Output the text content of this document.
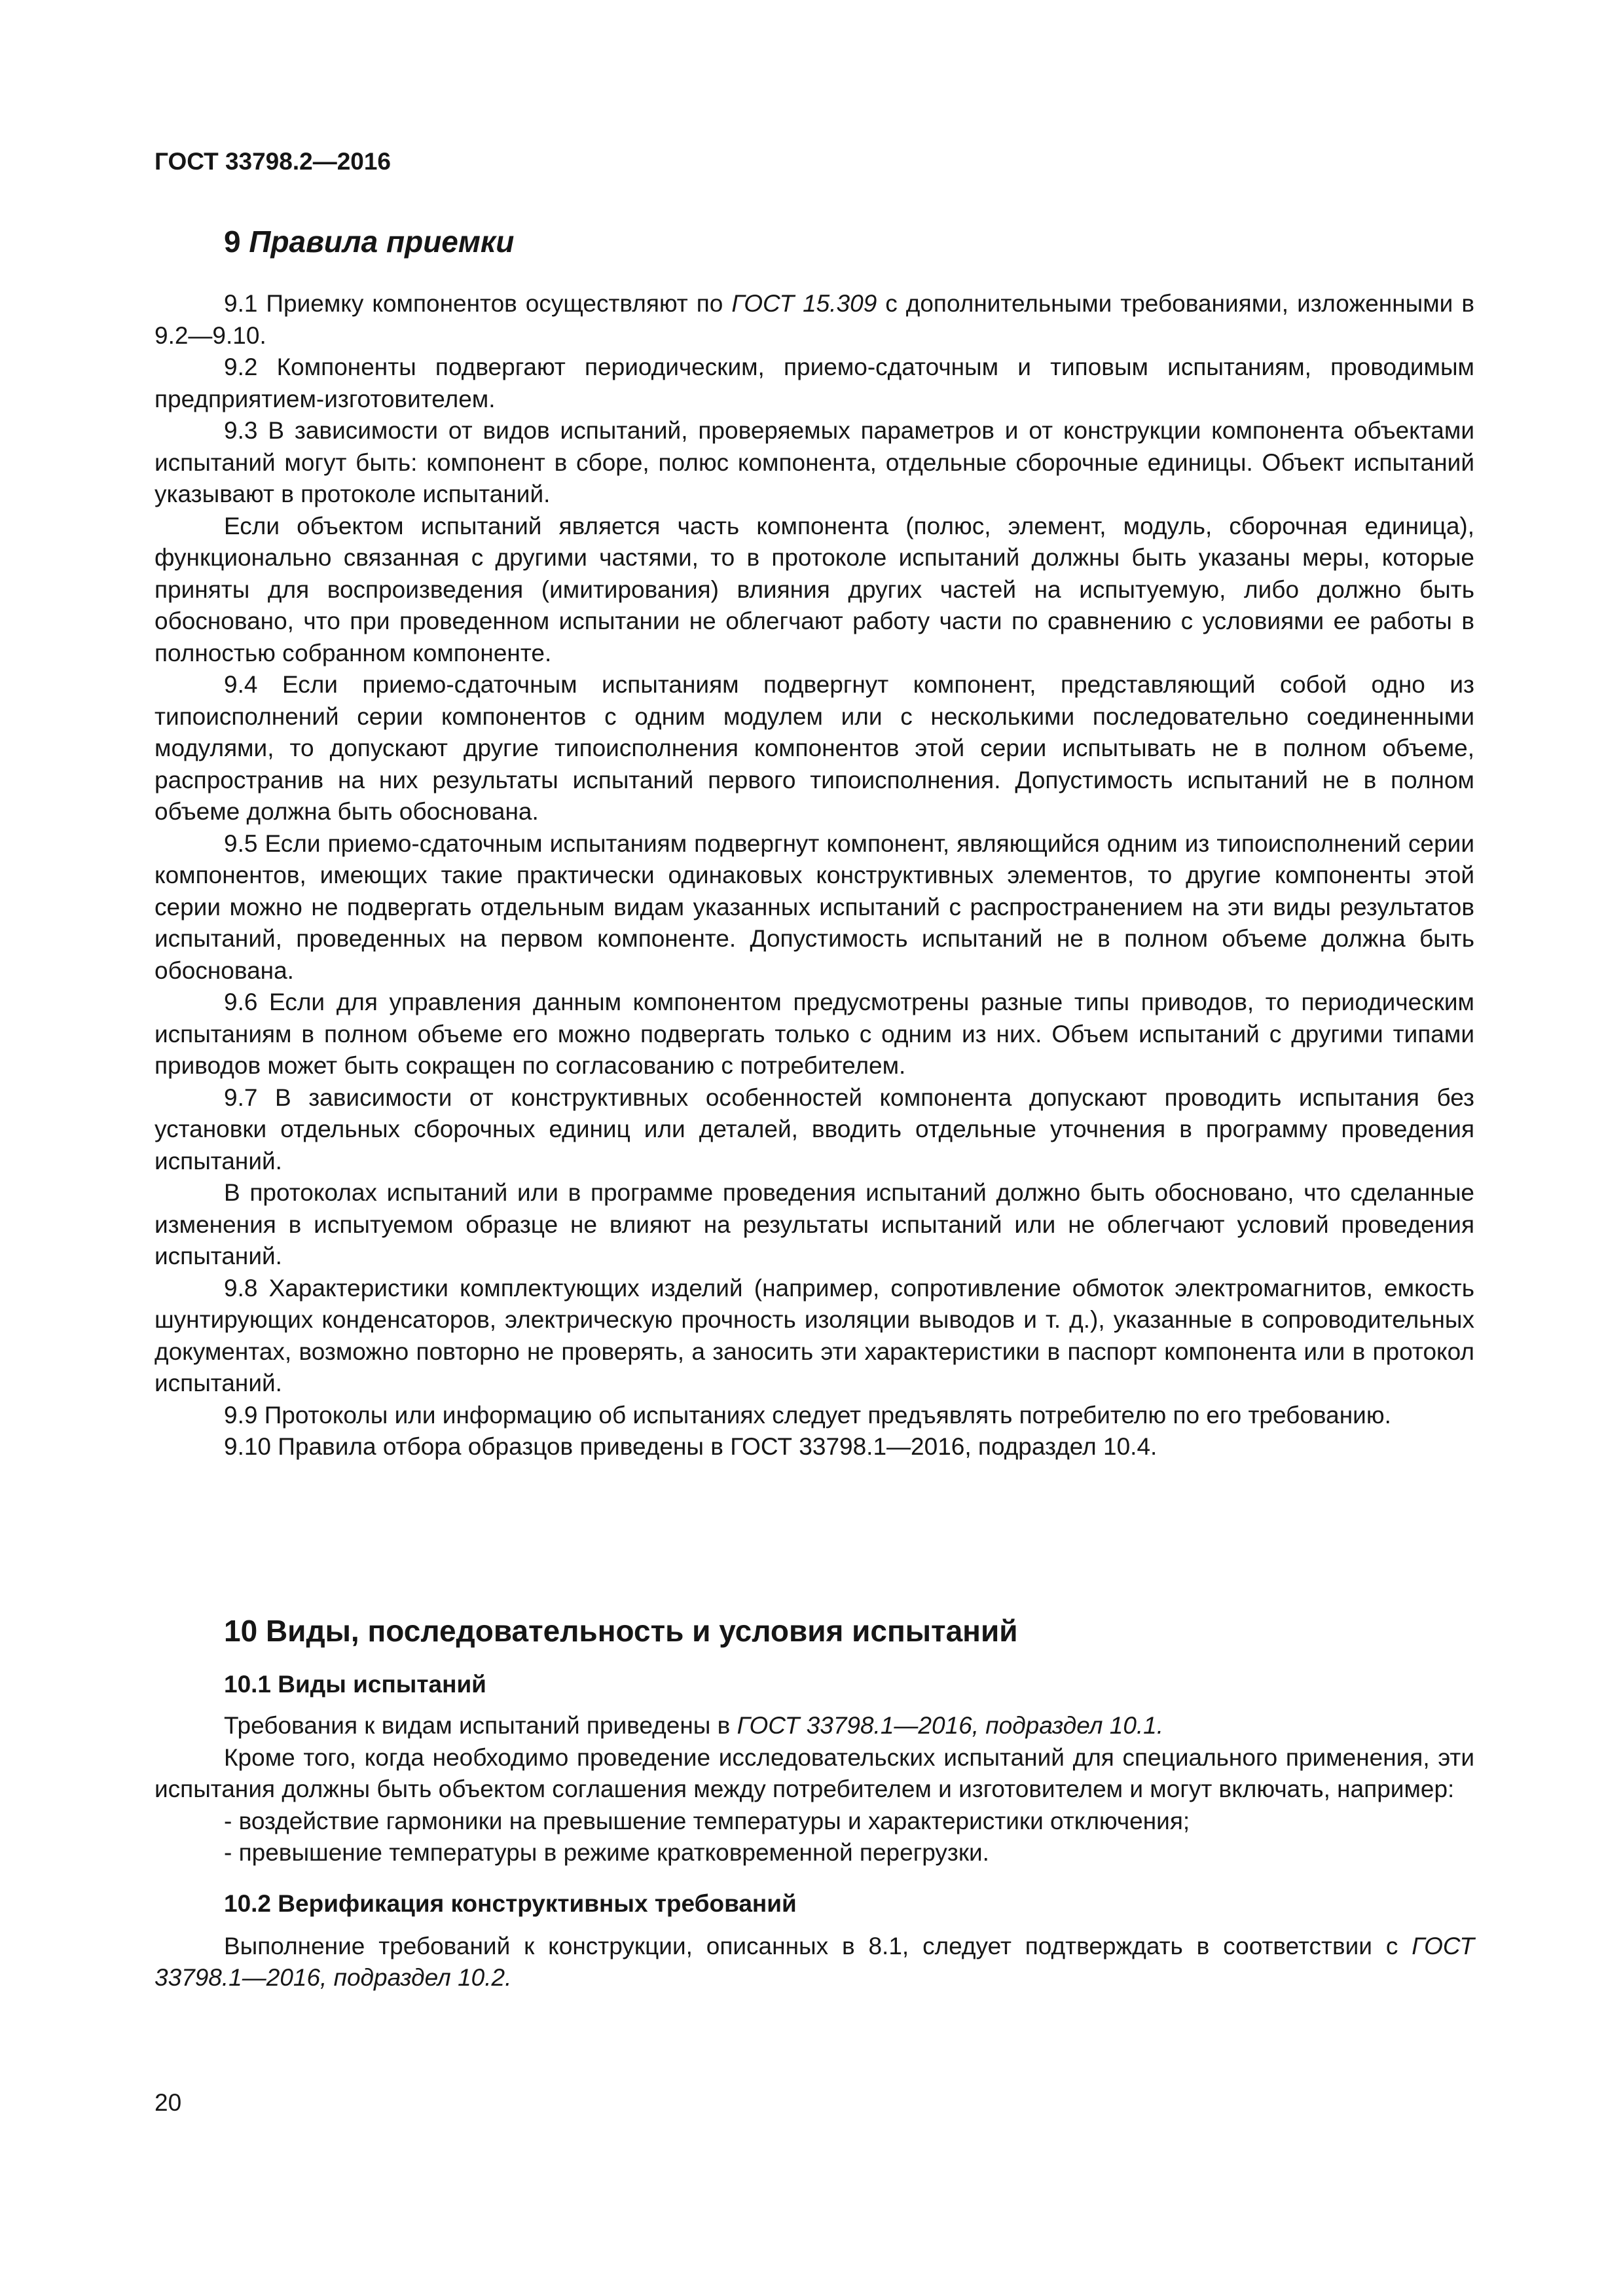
ГОСТ 33798.2—2016
9 Правила приемки

9.1 Приемку компонентов осуществляют по ГОСТ 15.309 с дополнительными требованиями, изложенными в 9.2—9.10.

9.2 Компоненты подвергают периодическим, приемо-сдаточным и типовым испытаниям, проводимым предприятием-изготовителем.

9.3 В зависимости от видов испытаний, проверяемых параметров и от конструкции компонента объектами испытаний могут быть: компонент в сборе, полюс компонента, отдельные сборочные единицы. Объект испытаний указывают в протоколе испытаний.

Если объектом испытаний является часть компонента (полюс, элемент, модуль, сборочная единица), функционально связанная с другими частями, то в протоколе испытаний должны быть указаны меры, которые приняты для воспроизведения (имитирования) влияния других частей на испытуемую, либо должно быть обосновано, что при проведенном испытании не облегчают работу части по сравнению с условиями ее работы в полностью собранном компоненте.

9.4 Если приемо-сдаточным испытаниям подвергнут компонент, представляющий собой одно из типоисполнений серии компонентов с одним модулем или с несколькими последовательно соединенными модулями, то допускают другие типоисполнения компонентов этой серии испытывать не в полном объеме, распространив на них результаты испытаний первого типоисполнения. Допустимость испытаний не в полном объеме должна быть обоснована.

9.5 Если приемо-сдаточным испытаниям подвергнут компонент, являющийся одним из типоисполнений серии компонентов, имеющих такие практически одинаковых конструктивных элементов, то другие компоненты этой серии можно не подвергать отдельным видам указанных испытаний с распространением на эти виды результатов испытаний, проведенных на первом компоненте. Допустимость испытаний не в полном объеме должна быть обоснована.

9.6 Если для управления данным компонентом предусмотрены разные типы приводов, то периодическим испытаниям в полном объеме его можно подвергать только с одним из них. Объем испытаний с другими типами приводов может быть сокращен по согласованию с потребителем.

9.7 В зависимости от конструктивных особенностей компонента допускают проводить испытания без установки отдельных сборочных единиц или деталей, вводить отдельные уточнения в программу проведения испытаний.

В протоколах испытаний или в программе проведения испытаний должно быть обосновано, что сделанные изменения в испытуемом образце не влияют на результаты испытаний или не облегчают условий проведения испытаний.

9.8 Характеристики комплектующих изделий (например, сопротивление обмоток электромагнитов, емкость шунтирующих конденсаторов, электрическую прочность изоляции выводов и т. д.), указанные в сопроводительных документах, возможно повторно не проверять, а заносить эти характеристики в паспорт компонента или в протокол испытаний.

9.9 Протоколы или информацию об испытаниях следует предъявлять потребителю по его требованию.

9.10 Правила отбора образцов приведены в ГОСТ 33798.1—2016, подраздел 10.4.

10 Виды, последовательность и условия испытаний
10.1 Виды испытаний

Требования к видам испытаний приведены в ГОСТ 33798.1—2016, подраздел 10.1.

Кроме того, когда необходимо проведение исследовательских испытаний для специального применения, эти испытания должны быть объектом соглашения между потребителем и изготовителем и могут включать, например:

- воздействие гармоники на превышение температуры и характеристики отключения;

- превышение температуры в режиме кратковременной перегрузки.

10.2 Верификация конструктивных требований

Выполнение требований к конструкции, описанных в 8.1, следует подтверждать в соответствии с ГОСТ 33798.1—2016, подраздел 10.2.

20
